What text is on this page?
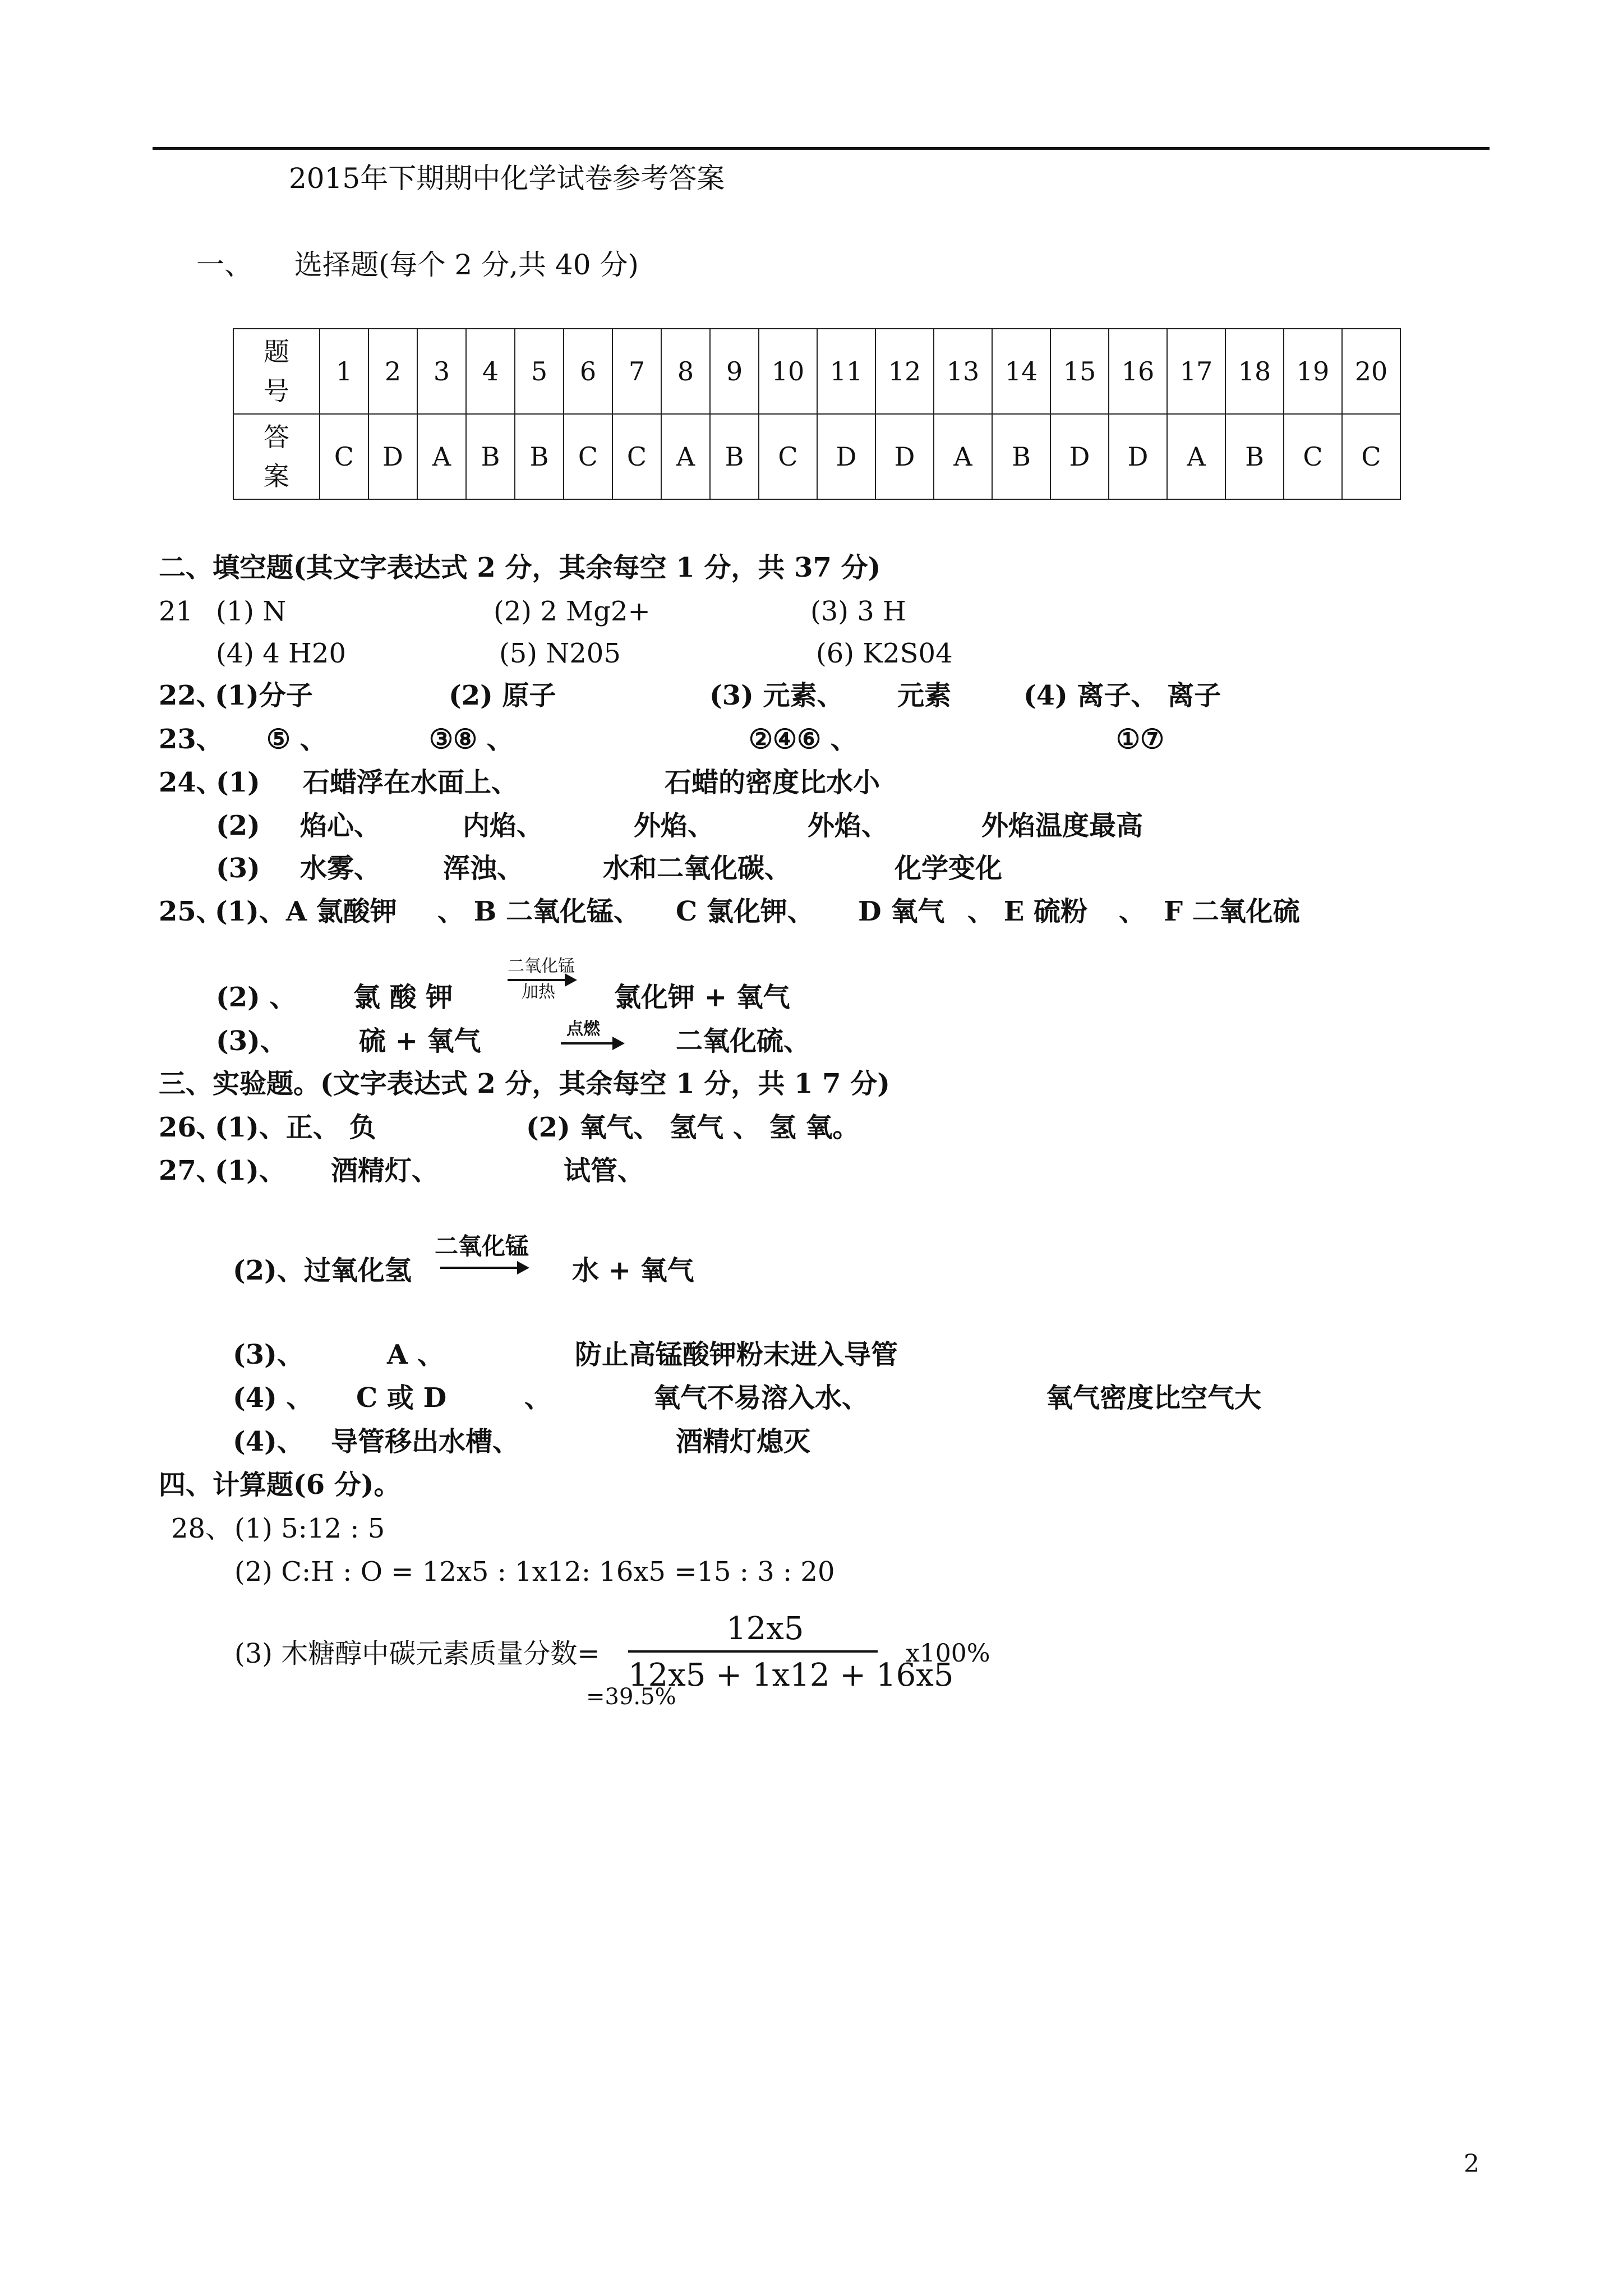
2015年下期期中化学试卷参考答案
一、 选择题(每个 2 分,共 40 分)
题
号	1	2	3	4	5	6	7	8	9	10	11	12	13	14	15	16	17	18	19	20
答
案	C	D	A	B	B	C	C	A	B	C	D	D	A	B	D	D	A	B	C	C
二、填空题(其文字表达式 2 分，其余每空 1 分，共 37 分)
21 (1) N	(2) 2 Mg2+	(3) 3 H
(4) 4 H20	(5) N205	(6) K2S04
22、
(1)分子	(2) 原子	(3) 元素、 元素	(4) 离子、 离子
23、 ⑤ 、	③⑧ 、	②④⑥ 、	①⑦
24、
(1) 石蜡浮在水面上、	石蜡的密度比水小
(2) 焰心、	内焰、	外焰、	外焰、	外焰温度最高
(3) 水雾、 浑浊、	水和二氧化碳、	化学变化
25、
(1)、A 氯酸钾 、 B 二氧化锰、 C 氯化钾、 D 氧气 、 E 硫粉 、 F 二氧化硫
(2) 、 氯 酸 钾
二氧化锰
加热 氯化钾 + 氧气
(3)、	硫 + 氧气	点燃	二氧化硫、
三、实验题。(文字表达式 2 分，其余每空 1 分，共 1 7 分)
26、
(1)、正、 负	(2) 氧气、 氢气 、 氢 氧。
27、
(1)、 酒精灯、	试管、
(2)、过氧化氢
二氧化锰
水 + 氧气
(3)、	A 、	防止高锰酸钾粉末进入导管
(4) 、 C 或 D	、	氧气不易溶入水、	氧气密度比空气大
(4)、 导管移出水槽、	酒精灯熄灭
四、计算题(6 分)。
28、 (1) 5:12 : 5
(2) C:H : O = 12x5 : 1x12: 16x5 =15 : 3 : 20
(3) 木糖醇中碳元素质量分数=
12x5
12x5 + 1x12 + 16x5
x100%
=39.5%
2
